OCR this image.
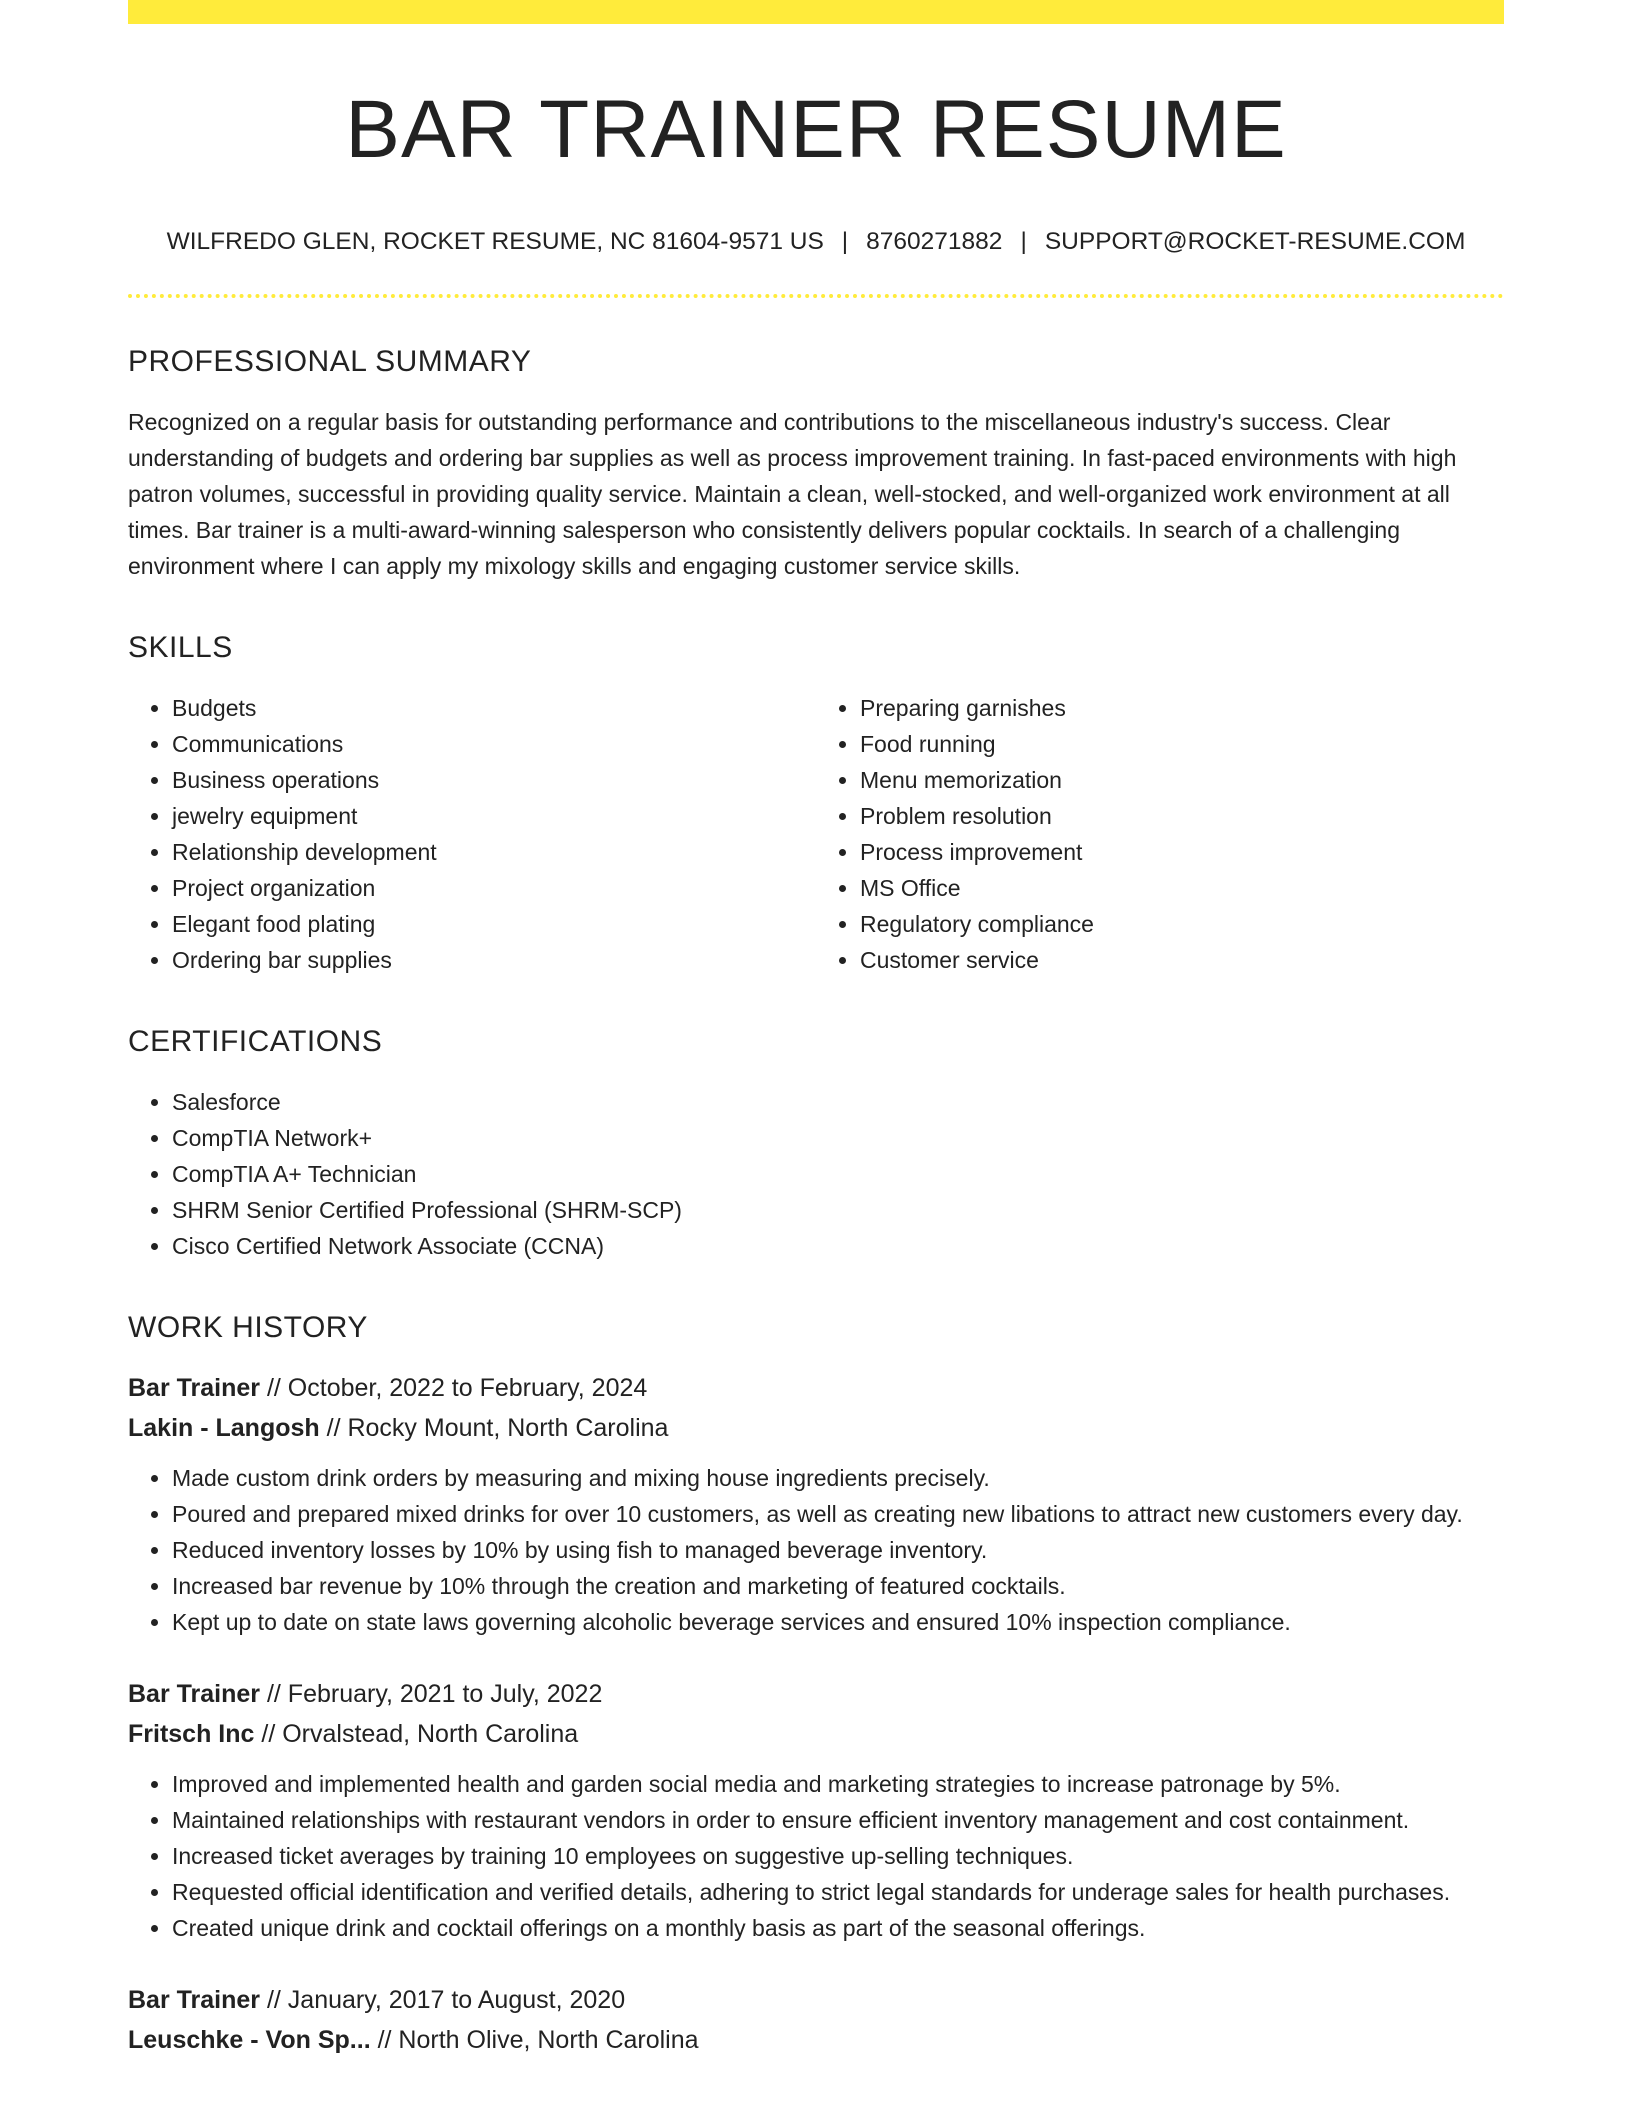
BAR TRAINER RESUME
WILFREDO GLEN, ROCKET RESUME, NC 81604-9571 US | 8760271882 | SUPPORT@ROCKET-RESUME.COM
PROFESSIONAL SUMMARY

Recognized on a regular basis for outstanding performance and contributions to the miscellaneous industry's success. Clear understanding of budgets and ordering bar supplies as well as process improvement training. In fast-paced environments with high patron volumes, successful in providing quality service. Maintain a clean, well-stocked, and well-organized work environment at all times. Bar trainer is a multi-award-winning salesperson who consistently delivers popular cocktails. In search of a challenging environment where I can apply my mixology skills and engaging customer service skills.

SKILLS
• Budgets
• Communications
• Business operations
• jewelry equipment
• Relationship development
• Project organization
• Elegant food plating
• Ordering bar supplies
• Preparing garnishes
• Food running
• Menu memorization
• Problem resolution
• Process improvement
• MS Office
• Regulatory compliance
• Customer service
CERTIFICATIONS
• Salesforce
• CompTIA Network+
• CompTIA A+ Technician
• SHRM Senior Certified Professional (SHRM-SCP)
• Cisco Certified Network Associate (CCNA)
WORK HISTORY
Bar Trainer // October, 2022 to February, 2024
Lakin - Langosh // Rocky Mount, North Carolina
• Made custom drink orders by measuring and mixing house ingredients precisely.
• Poured and prepared mixed drinks for over 10 customers, as well as creating new libations to attract new customers every day.
• Reduced inventory losses by 10% by using fish to managed beverage inventory.
• Increased bar revenue by 10% through the creation and marketing of featured cocktails.
• Kept up to date on state laws governing alcoholic beverage services and ensured 10% inspection compliance.
Bar Trainer // February, 2021 to July, 2022
Fritsch Inc // Orvalstead, North Carolina
• Improved and implemented health and garden social media and marketing strategies to increase patronage by 5%.
• Maintained relationships with restaurant vendors in order to ensure efficient inventory management and cost containment.
• Increased ticket averages by training 10 employees on suggestive up-selling techniques.
• Requested official identification and verified details, adhering to strict legal standards for underage sales for health purchases.
• Created unique drink and cocktail offerings on a monthly basis as part of the seasonal offerings.
Bar Trainer // January, 2017 to August, 2020
Leuschke - Von Sp... // North Olive, North Carolina
